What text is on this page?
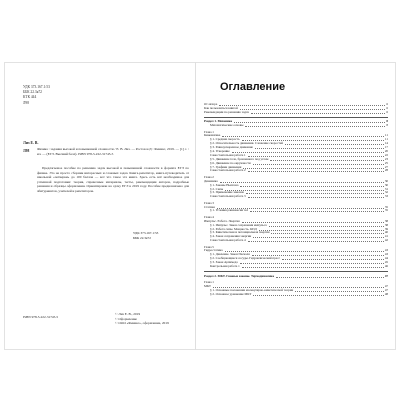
УДК 373.167.1:53
ББК 22.3я72
КТК 444
Л98
Лиз Е. В.
Л98 Физика : задания высокой и повышенной сложности / Е. В. Лиз. — Ростов н/Д : Феникс, 2019. — [1] с. : ил. — (ЕГЭ. Высший балл). ISBN 978-5-222-31745-5
Предлагаемое пособие по решению задач высокой и повышенной сложности в формате ЕГЭ по физике. Это не просто сборник интересных и сложных задач. Книга-репетитор, книга-путеводитель от школьной «четверки» до 100 баллов — вот что такое эта книга. Здесь есть всё необходимое для успешной подготовки: теория, справочные материалы, тесты, рекомендации авторов, подробные решения и образцы оформления. Ориентирован на сдачу ЕГЭ в 2019 году. Пособие предназначено для абитуриентов, учителей и репетиторов.
УДК 373.167.1:53
ББК 22.3я72
ISBN 978-5-222-31745-5
© Лиз Е. В., 2019
© Оформление
© ООО «Феникс», оформление, 2019
Оглавление
От автора	6
Как пользоваться книгой	6
Рекомендации по решению задач	6
Раздел 1. Механика	8
Математические основы	8
Глава 1
Кинематика	11
§ 1. Средняя скорость	11
§ 2. Относительность движения. Сложение скоростей	14
§ 3. Равноускоренное движение	17
§ 4. Ускорение	20
Самостоятельная работа 1	22
§ 5. Движение тела, брошенного под углом	23
§ 6. Движение по окружности	25
§ 7. Графики движения	27
Самостоятельная работа 2	28
Глава 2
Динамика	30
§ 1. Законы Ньютона	30
§ 2. Силы	31
§ 3. Применение законов	32
Самостоятельная работа 3	33
Глава 3
Статика	35
§ 1. Условия равновесия тел	35
Глава 4
Импульс. Работа. Энергия	38
§ 1. Импульс. Закон сохранения импульса	38
§ 2. Работа силы. Мощность. КПД	39
§ 3. Кинетическая и потенциальная энергия	40
§ 4. Закон сохранения энергии	41
Самостоятельная работа 4	42
Глава 5
Гидростатика	43
§ 1. Давление. Закон Паскаля	43
§ 2. Сообщающиеся сосуды. Гидравлический пресс	44
§ 3. Закон Архимеда	45
Контрольная работа 1	46
Раздел 2. МКТ. Газовые законы. Термодинамика	47
Глава 1
МКТ	47
§ 1. Основные положения молекулярно-кинетической теории	47
§ 2. Основное уравнение МКТ	48
